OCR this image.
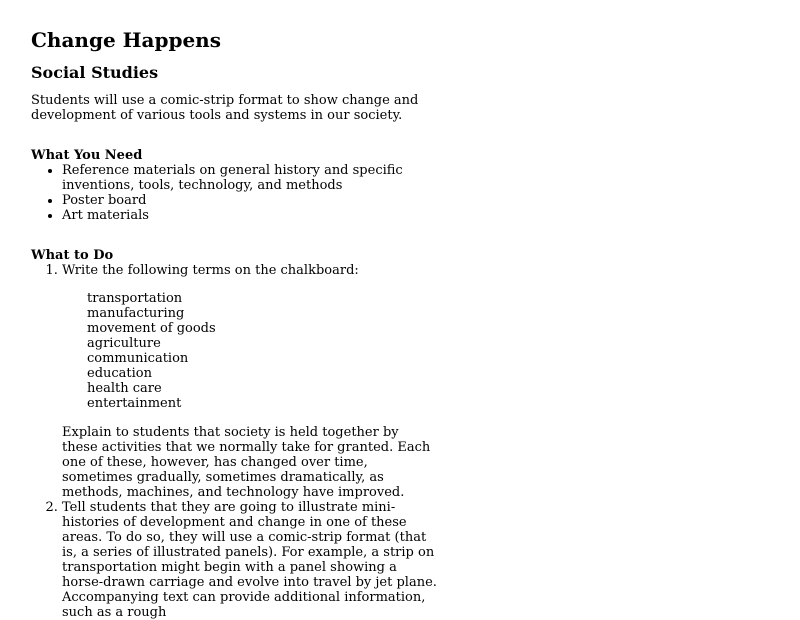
Change Happens
Social Studies

Students will use a comic-strip format to show change and development of various tools and systems in our society.

What You Need
• Reference materials on general history and specific inventions, tools, technology, and methods
• Poster board
• Art materials
What to Do
1. Write the following terms on the chalkboard:
transportation
manufacturing
movement of goods
agriculture
communication
education
health care
entertainment

Explain to students that society is held together by these activities that we normally take for granted. Each one of these, however, has changed over time, sometimes gradually, sometimes dramatically, as methods, machines, and technology have improved.

2. Tell students that they are going to illustrate mini-histories of development and change in one of these areas. To do so, they will use a comic-strip format (that is, a series of illustrated panels). For example, a strip on transportation might begin with a panel showing a horse-drawn carriage and evolve into travel by jet plane. Accompanying text can provide additional information, such as a rough
